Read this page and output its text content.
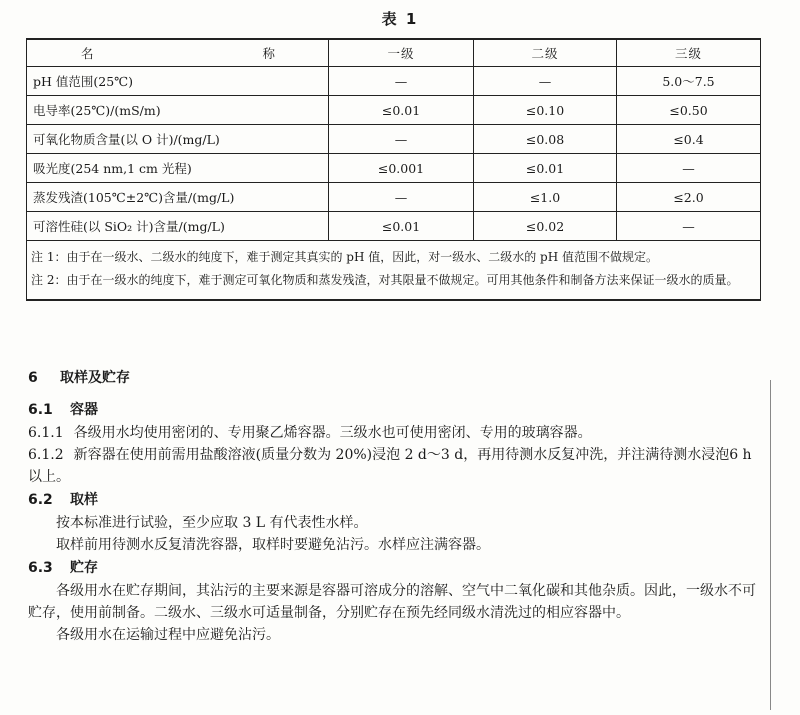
表 1
名　　称	一级	二级	三级
pH 值范围(25℃)	—	—	5.0～7.5
电导率(25℃)/(mS/m)	≤0.01	≤0.10	≤0.50
可氧化物质含量(以 O 计)/(mg/L)	—	≤0.08	≤0.4
吸光度(254 nm,1 cm 光程)	≤0.001	≤0.01	—
蒸发残渣(105℃±2℃)含量/(mg/L)	—	≤1.0	≤2.0
可溶性硅(以 SiO₂ 计)含量/(mg/L)	≤0.01	≤0.02	—

注 1：由于在一级水、二级水的纯度下，难于测定其真实的 pH 值，因此，对一级水、二级水的 pH 值范围不做规定。

注 2：由于在一级水的纯度下，难于测定可氧化物质和蒸发残渣，对其限量不做规定。可用其他条件和制备方法来保证一级水的质量。			

6 取样及贮存

6.1 容器

6.1.1 各级用水均使用密闭的、专用聚乙烯容器。三级水也可使用密闭、专用的玻璃容器。

6.1.2 新容器在使用前需用盐酸溶液(质量分数为 20%)浸泡 2 d～3 d，再用待测水反复冲洗，并注满待测水浸泡6 h以上。

6.2 取样

按本标准进行试验，至少应取 3 L 有代表性水样。

取样前用待测水反复清洗容器，取样时要避免沾污。水样应注满容器。

6.3 贮存

各级用水在贮存期间，其沾污的主要来源是容器可溶成分的溶解、空气中二氧化碳和其他杂质。因此，一级水不可贮存，使用前制备。二级水、三级水可适量制备，分别贮存在预先经同级水清洗过的相应容器中。

各级用水在运输过程中应避免沾污。
